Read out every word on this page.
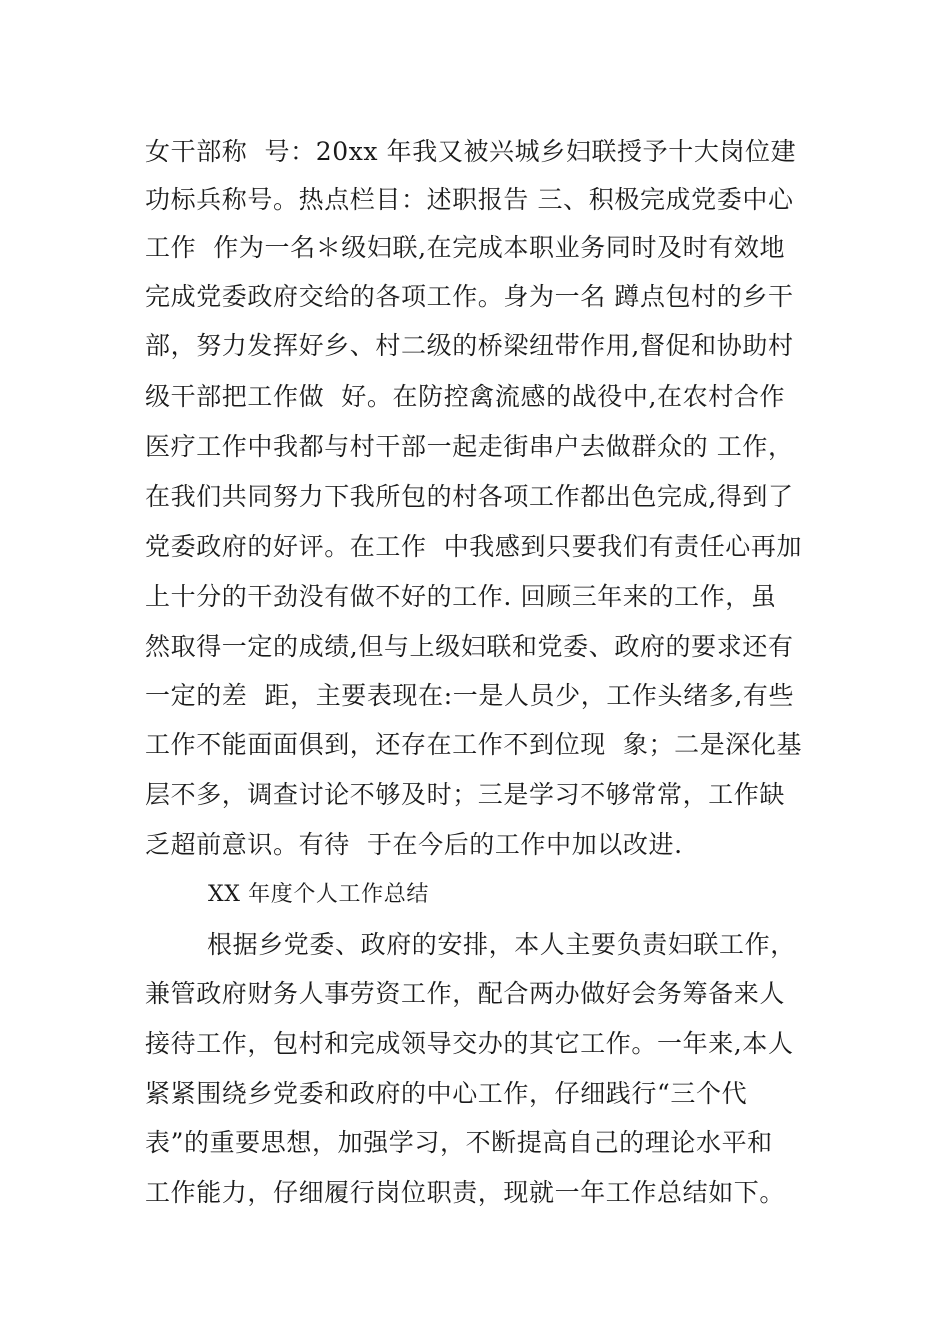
女干部称  号：20xx 年我又被兴城乡妇联授予十大岗位建
功标兵称号。热点栏目：述职报告 三、积极完成党委中心
工作  作为一名＊级妇联,在完成本职业务同时及时有效地
完成党委政府交给的各项工作。身为一名 蹲点包村的乡干
部，努力发挥好乡、村二级的桥梁纽带作用,督促和协助村
级干部把工作做  好。在防控禽流感的战役中,在农村合作
医疗工作中我都与村干部一起走街串户去做群众的 工作，
在我们共同努力下我所包的村各项工作都出色完成,得到了
党委政府的好评。在工作  中我感到只要我们有责任心再加
上十分的干劲没有做不好的工作. 回顾三年来的工作，虽
然取得一定的成绩,但与上级妇联和党委、政府的要求还有
一定的差  距，主要表现在:一是人员少，工作头绪多,有些
工作不能面面俱到，还存在工作不到位现  象；二是深化基
层不多，调查讨论不够及时；三是学习不够常常，工作缺
乏超前意识。有待  于在今后的工作中加以改进.
XX 年度个人工作总结
根据乡党委、政府的安排，本人主要负责妇联工作，
兼管政府财务人事劳资工作，配合两办做好会务筹备来人
接待工作，包村和完成领导交办的其它工作。一年来,本人
紧紧围绕乡党委和政府的中心工作，仔细践行“三个代
表”的重要思想，加强学习，不断提高自己的理论水平和
工作能力，仔细履行岗位职责，现就一年工作总结如下。
